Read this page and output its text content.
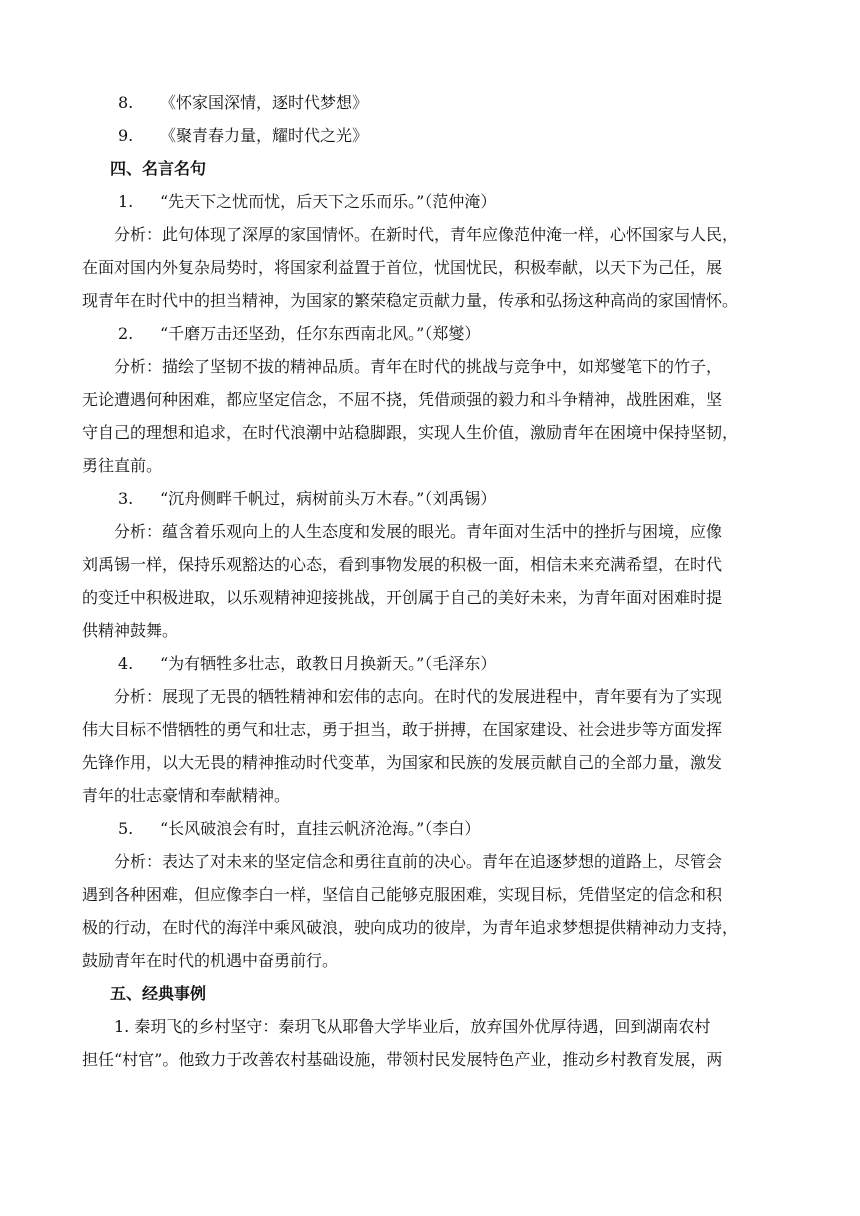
8. 《怀家国深情，逐时代梦想》
9. 《聚青春力量，耀时代之光》
四、名言名句
1. “先天下之忧而忧，后天下之乐而乐。”（范仲淹）
分析：此句体现了深厚的家国情怀。在新时代，青年应像范仲淹一样，心怀国家与人民，
在面对国内外复杂局势时，将国家利益置于首位，忧国忧民，积极奉献，以天下为己任，展
现青年在时代中的担当精神，为国家的繁荣稳定贡献力量，传承和弘扬这种高尚的家国情怀。
2. “千磨万击还坚劲，任尔东西南北风。”（郑燮）
分析：描绘了坚韧不拔的精神品质。青年在时代的挑战与竞争中，如郑燮笔下的竹子，
无论遭遇何种困难，都应坚定信念，不屈不挠，凭借顽强的毅力和斗争精神，战胜困难，坚
守自己的理想和追求，在时代浪潮中站稳脚跟，实现人生价值，激励青年在困境中保持坚韧，
勇往直前。
3. “沉舟侧畔千帆过，病树前头万木春。”（刘禹锡）
分析：蕴含着乐观向上的人生态度和发展的眼光。青年面对生活中的挫折与困境，应像
刘禹锡一样，保持乐观豁达的心态，看到事物发展的积极一面，相信未来充满希望，在时代
的变迁中积极进取，以乐观精神迎接挑战，开创属于自己的美好未来，为青年面对困难时提
供精神鼓舞。
4. “为有牺牲多壮志，敢教日月换新天。”（毛泽东）
分析：展现了无畏的牺牲精神和宏伟的志向。在时代的发展进程中，青年要有为了实现
伟大目标不惜牺牲的勇气和壮志，勇于担当，敢于拼搏，在国家建设、社会进步等方面发挥
先锋作用，以大无畏的精神推动时代变革，为国家和民族的发展贡献自己的全部力量，激发
青年的壮志豪情和奉献精神。
5. “长风破浪会有时，直挂云帆济沧海。”（李白）
分析：表达了对未来的坚定信念和勇往直前的决心。青年在追逐梦想的道路上，尽管会
遇到各种困难，但应像李白一样，坚信自己能够克服困难，实现目标，凭借坚定的信念和积
极的行动，在时代的海洋中乘风破浪，驶向成功的彼岸，为青年追求梦想提供精神动力支持，
鼓励青年在时代的机遇中奋勇前行。
五、经典事例
1. 秦玥飞的乡村坚守：秦玥飞从耶鲁大学毕业后，放弃国外优厚待遇，回到湖南农村
担任“村官”。他致力于改善农村基础设施，带领村民发展特色产业，推动乡村教育发展，两
